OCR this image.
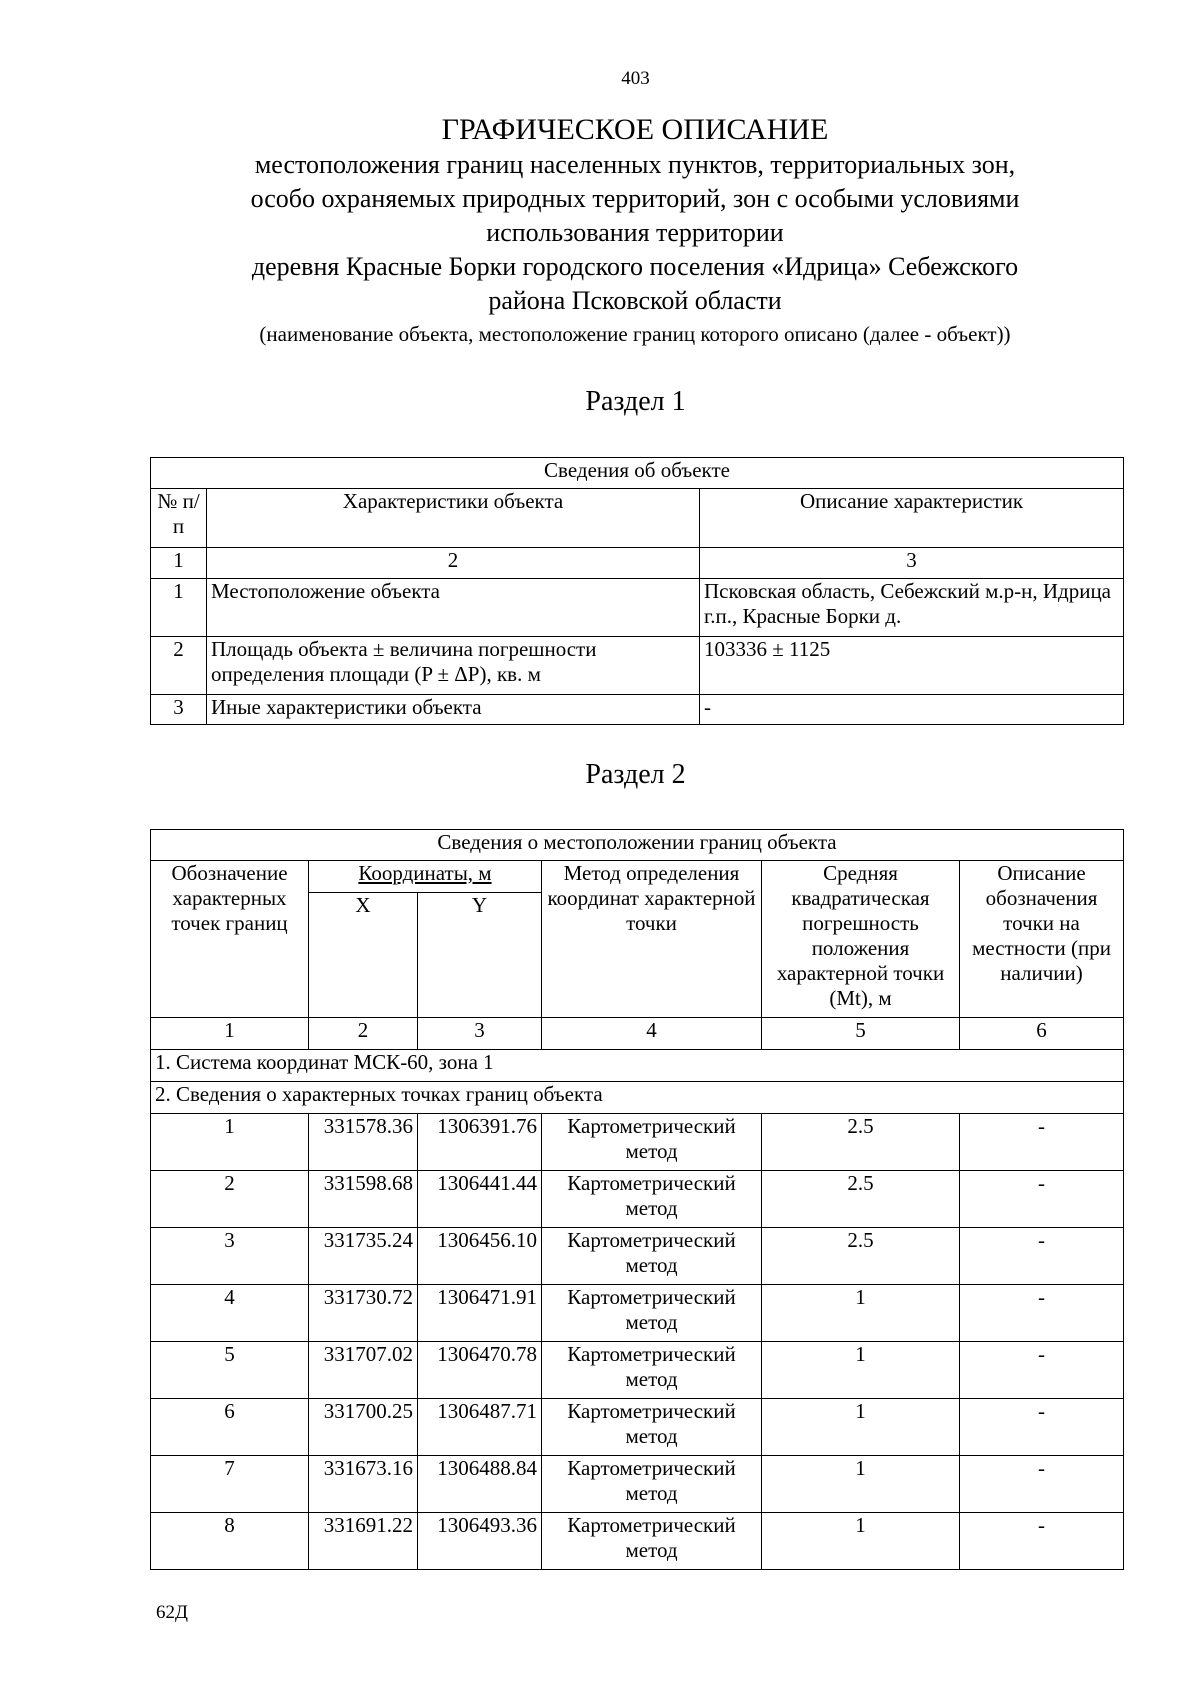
403
ГРАФИЧЕСКОЕ ОПИСАНИЕ
местоположения границ населенных пунктов, территориальных зон,
особо охраняемых природных территорий, зон с особыми условиями
использования территории
деревня Красные Борки городского поселения «Идрица» Себежского
района Псковской области
(наименование объекта, местоположение границ которого описано (далее - объект))
Раздел 1
Сведения об объекте		
№ п/п	Характеристики объекта	Описание характеристик
1	2	3
1	Местоположение объекта	Псковская область, Себежский м.р-н, Идрица г.п., Красные Борки д.
2	Площадь объекта ± величина погрешности определения площади (P ± ΔP), кв. м	103336 ± 1125
3	Иные характеристики объекта	-
Раздел 2
Сведения о местоположении границ объекта					
Обозначение характерных точек границ	Координаты, м		Метод определения координат характерной точки	Средняя квадратическая погрешность положения характерной точки (Mt), м	Описание обозначения точки на местности (при наличии)
	X	Y			
1	2	3	4	5	6
1. Система координат МСК-60, зона 1					
2. Сведения о характерных точках границ объекта					
1	331578.36	1306391.76	Картометрический метод	2.5	-
2	331598.68	1306441.44	Картометрический метод	2.5	-
3	331735.24	1306456.10	Картометрический метод	2.5	-
4	331730.72	1306471.91	Картометрический метод	1	-
5	331707.02	1306470.78	Картометрический метод	1	-
6	331700.25	1306487.71	Картометрический метод	1	-
7	331673.16	1306488.84	Картометрический метод	1	-
8	331691.22	1306493.36	Картометрический метод	1	-
62Д
